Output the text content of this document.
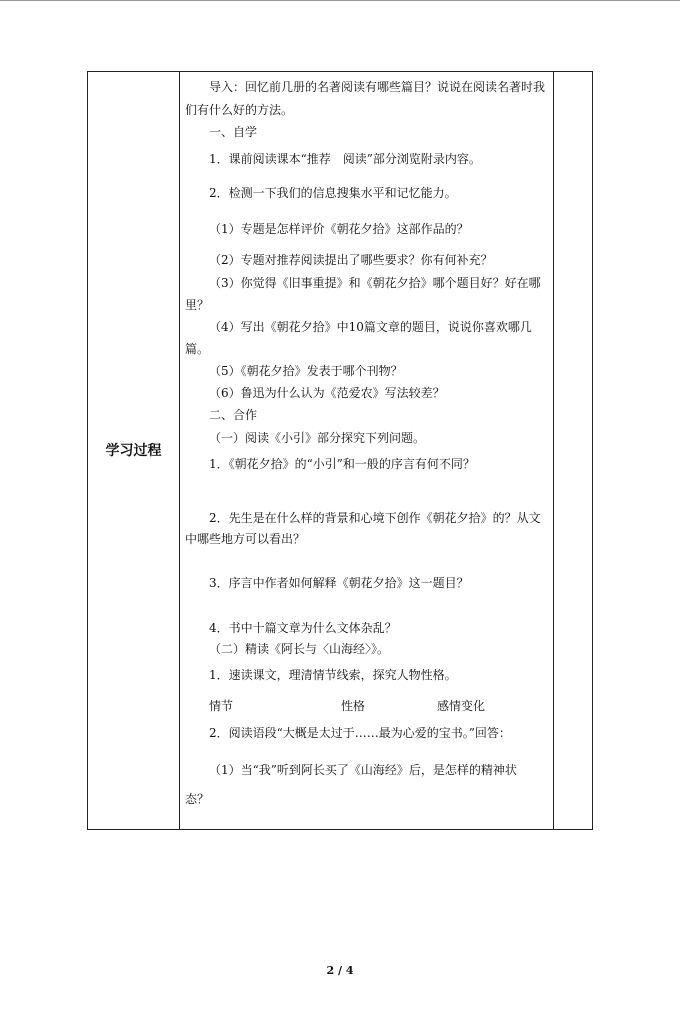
学习过程
导入：回忆前几册的名著阅读有哪些篇目？说说在阅读名著时我
们有什么好的方法。
一、自学
1．课前阅读课本“推荐　阅读”部分浏览附录内容。
2．检测一下我们的信息搜集水平和记忆能力。
（1）专题是怎样评价《朝花夕拾》这部作品的？
（2）专题对推荐阅读提出了哪些要求？你有何补充？
（3）你觉得《旧事重提》和《朝花夕拾》哪个题目好？好在哪
里？
（4）写出《朝花夕拾》中10篇文章的题目，说说你喜欢哪几
篇。
（5）《朝花夕拾》发表于哪个刊物？
（6）鲁迅为什么认为《范爱农》写法较差？
二、合作
（一）阅读《小引》部分探究下列问题。
1．《朝花夕拾》的“小引”和一般的序言有何不同？
2．先生是在什么样的背景和心境下创作《朝花夕拾》的？从文
中哪些地方可以看出？
3．序言中作者如何解释《朝花夕拾》这一题目？
4．书中十篇文章为什么文体杂乱？
（二）精读《阿长与〈山海经〉》。
1．速读课文，理清情节线索，探究人物性格。
情节	性格	感情变化
2．阅读语段“大概是太过于……最为心爱的宝书。”回答：
（1）当“我”听到阿长买了《山海经》后，是怎样的精神状
态？
2 / 4
